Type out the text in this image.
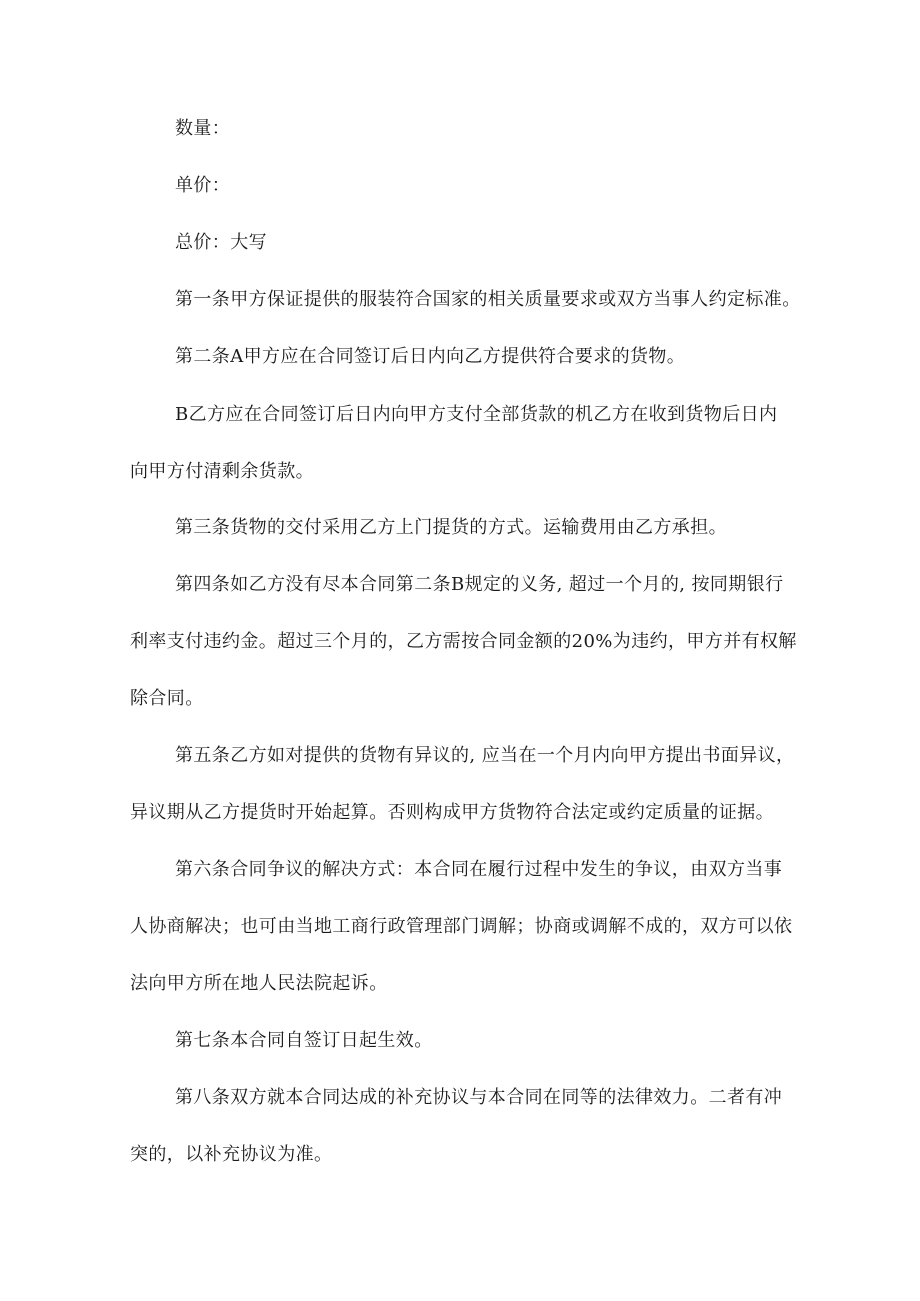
数量：
单价：
总价：大写
第一条甲方保证提供的服装符合国家的相关质量要求或双方当事人约定标准。
第二条A甲方应在合同签订后日内向乙方提供符合要求的货物。
B乙方应在合同签订后日内向甲方支付全部货款的机乙方在收到货物后日内
向甲方付清剩余货款。
第三条货物的交付采用乙方上门提货的方式。运输费用由乙方承担。
第四条如乙方没有尽本合同第二条B规定的义务, 超过一个月的, 按同期银行
利率支付违约金。超过三个月的，乙方需按合同金额的20%为违约，甲方并有权解
除合同。
第五条乙方如对提供的货物有异议的, 应当在一个月内向甲方提出书面异议，
异议期从乙方提货时开始起算。否则构成甲方货物符合法定或约定质量的证据。
第六条合同争议的解决方式：本合同在履行过程中发生的争议，由双方当事
人协商解决；也可由当地工商行政管理部门调解；协商或调解不成的，双方可以依
法向甲方所在地人民法院起诉。
第七条本合同自签订日起生效。
第八条双方就本合同达成的补充协议与本合同在同等的法律效力。二者有冲
突的，以补充协议为准。
